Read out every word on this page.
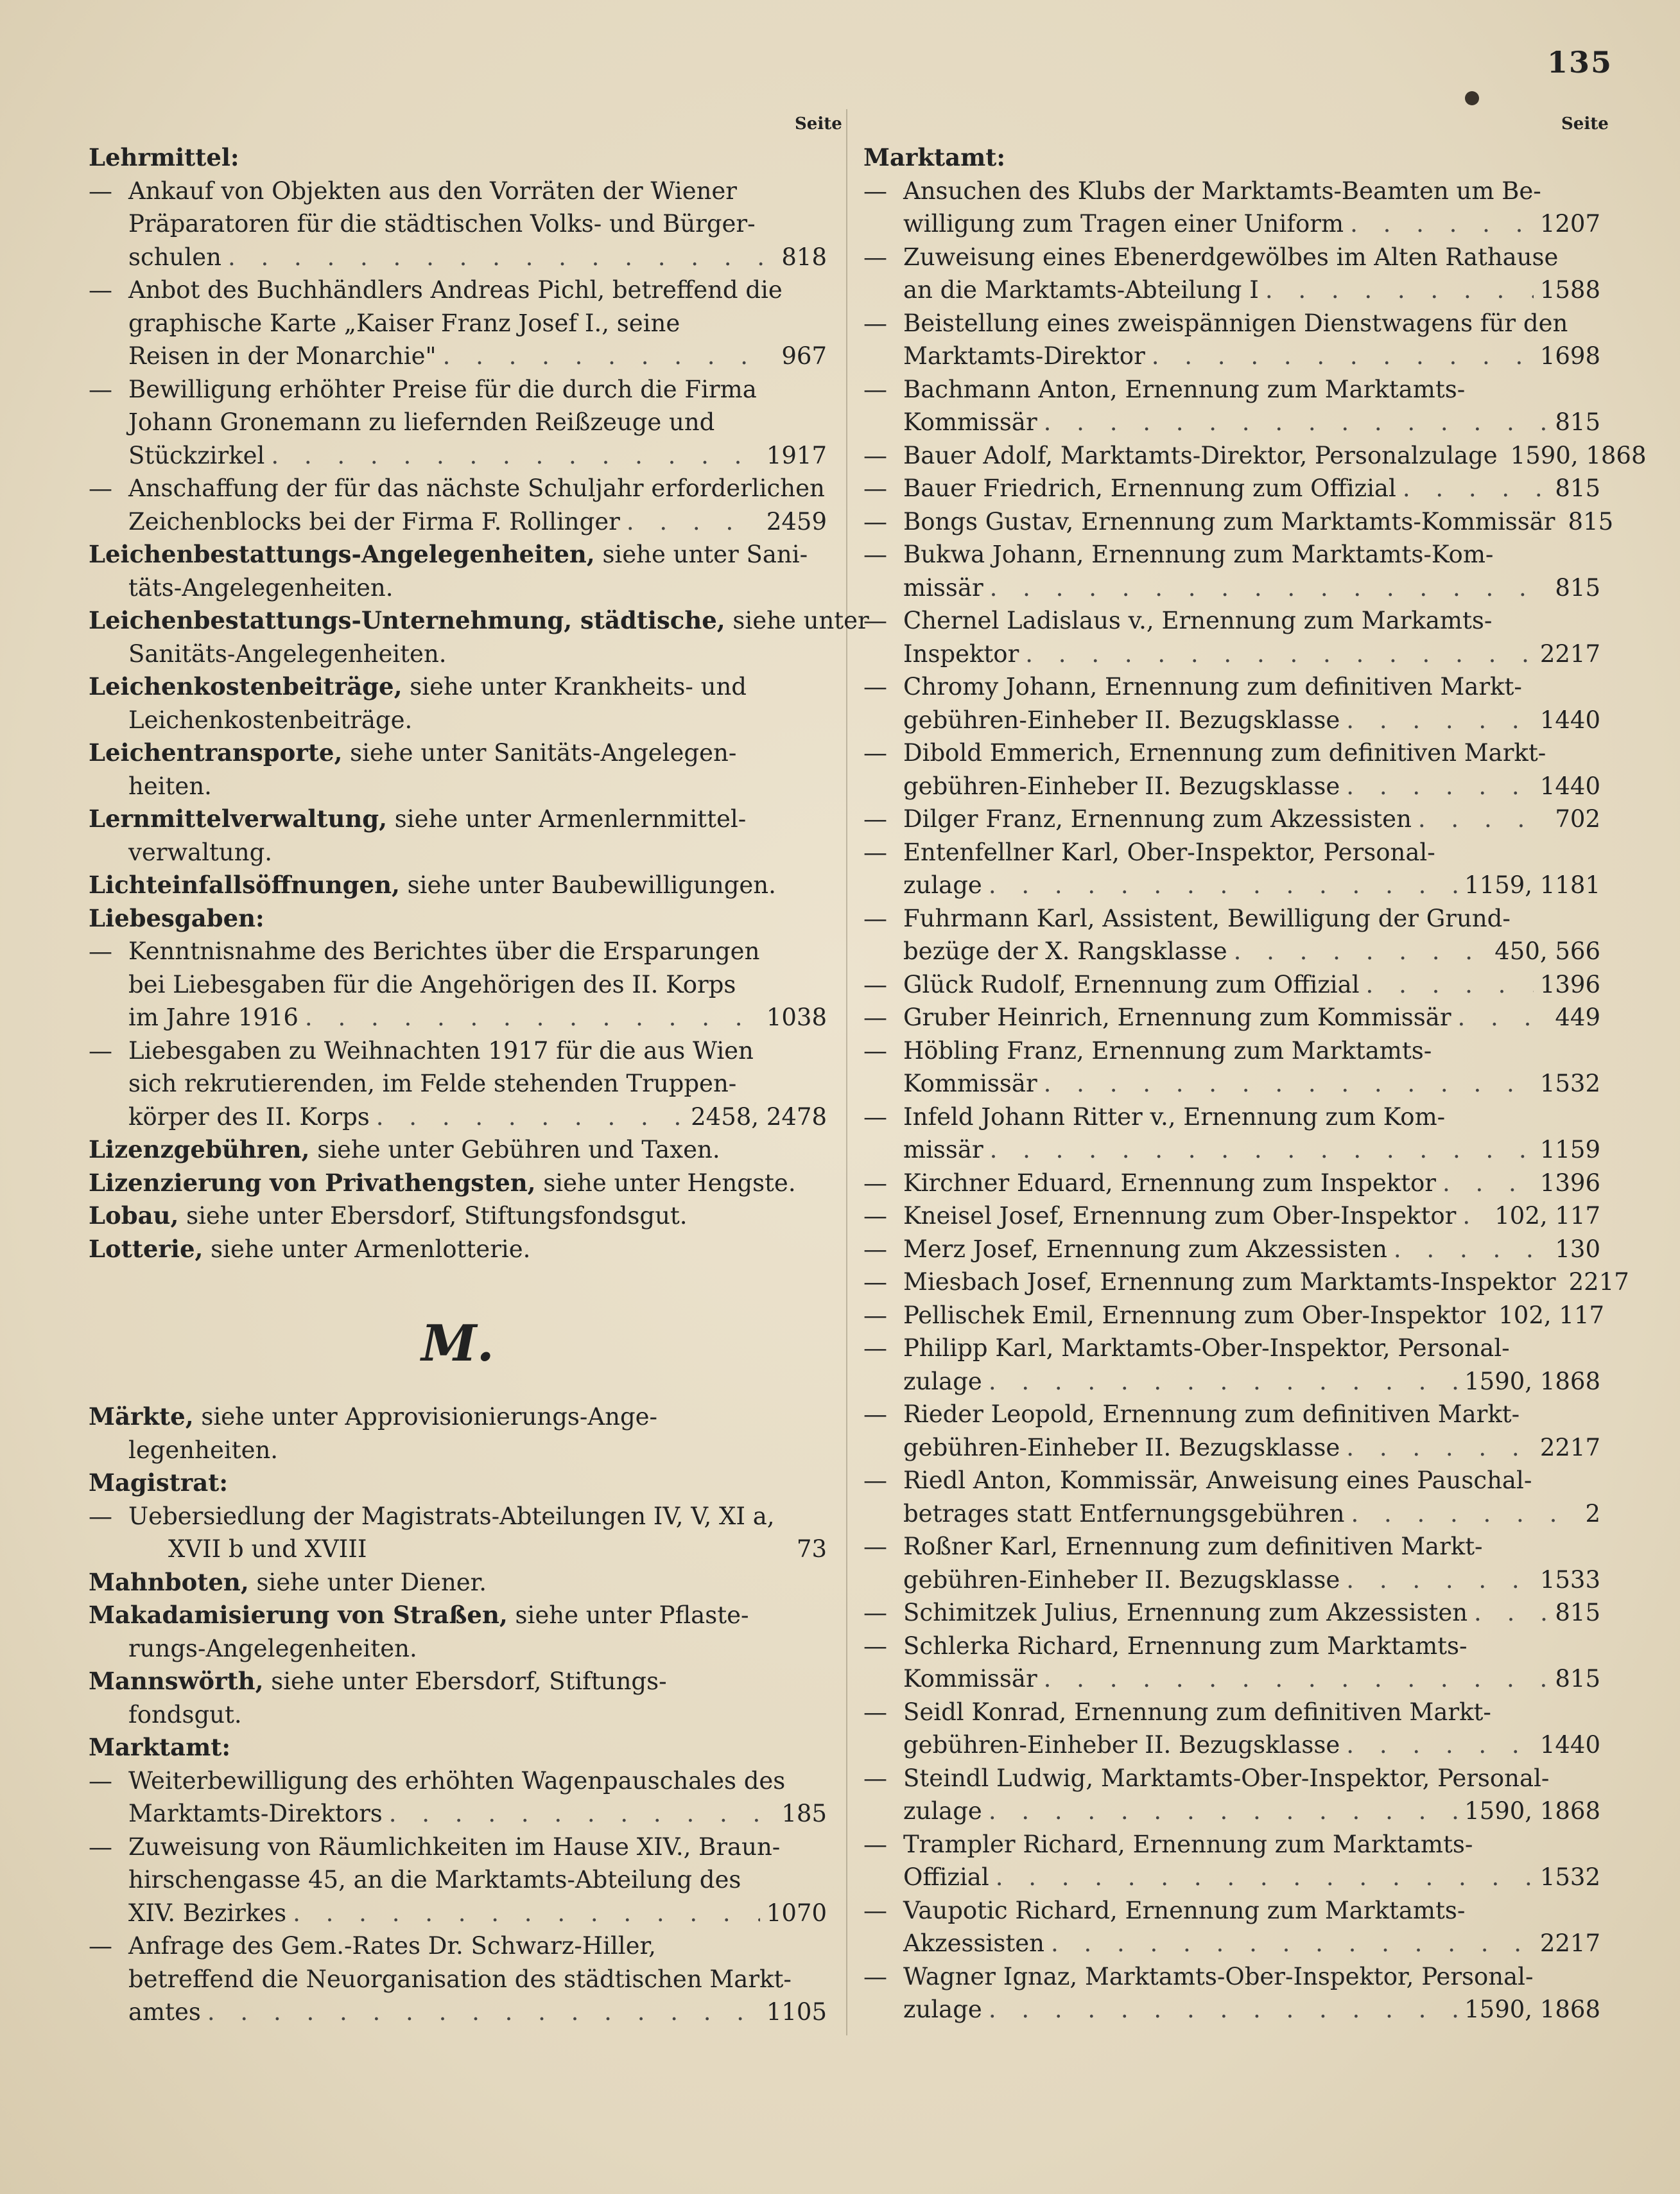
135
Seite	Seite
Lehrmittel:
— Ankauf von Objekten aus den Vorräten der Wiener
Präparatoren für die städtischen Volks- und Bürger-
schulen . . .	818
— Anbot des Buchhändlers Andreas Pichl, betreffend die
graphische Karte „Kaiser Franz Josef I., seine
Reisen in der Monarchie" . . .	967
— Bewilligung erhöhter Preise für die durch die Firma
Johann Gronemann zu liefernden Reißzeuge und
Stückzirkel . . .	1917
— Anschaffung der für das nächste Schuljahr erforderlichen
Zeichenblocks bei der Firma F. Rollinger . . .	2459
Leichenbestattungs-Angelegenheiten, siehe unter Sani-
täts-Angelegenheiten.
Leichenbestattungs-Unternehmung, städtische, siehe unter
Sanitäts-Angelegenheiten.
Leichenkostenbeiträge, siehe unter Krankheits- und
Leichenkostenbeiträge.
Leichentransporte, siehe unter Sanitäts-Angelegen-
heiten.
Lernmittelverwaltung, siehe unter Armenlernmittel-
verwaltung.
Lichteinfallsöffnungen, siehe unter Baubewilligungen.
Liebesgaben:
— Kenntnisnahme des Berichtes über die Ersparungen
bei Liebesgaben für die Angehörigen des II. Korps
im Jahre 1916 . . .	1038
— Liebesgaben zu Weihnachten 1917 für die aus Wien
sich rekrutierenden, im Felde stehenden Truppen-
körper des II. Korps . . .	2458, 2478
Lizenzgebühren, siehe unter Gebühren und Taxen.
Lizenzierung von Privathengsten, siehe unter Hengste.
Lobau, siehe unter Ebersdorf, Stiftungsfondsgut.
Lotterie, siehe unter Armenlotterie.
M.
Märkte, siehe unter Approvisionierungs-Ange-
legenheiten.
Magistrat:
— Uebersiedlung der Magistrats-Abteilungen IV, V, XI a,
XVII b und XVIII	73
Mahnboten, siehe unter Diener.
Makadamisierung von Straßen, siehe unter Pflaste-
rungs-Angelegenheiten.
Mannswörth, siehe unter Ebersdorf, Stiftungs-
fondsgut.
Marktamt:
— Weiterbewilligung des erhöhten Wagenpauschales des
Marktamts-Direktors . . .	185
— Zuweisung von Räumlichkeiten im Hause XIV., Braun-
hirschengasse 45, an die Marktamts-Abteilung des
XIV. Bezirkes . . .	1070
— Anfrage des Gem.-Rates Dr. Schwarz-Hiller,
betreffend die Neuorganisation des städtischen Markt-
amtes . . .	1105
Marktamt:
— Ansuchen des Klubs der Marktamts-Beamten um Be-
willigung zum Tragen einer Uniform . . .	1207
— Zuweisung eines Ebenerdgewölbes im Alten Rathause
an die Marktamts-Abteilung I . . .	1588
— Beistellung eines zweispännigen Dienstwagens für den
Marktamts-Direktor . . .	1698
— Bachmann Anton, Ernennung zum Marktamts-
Kommissär . . .	815
— Bauer Adolf, Marktamts-Direktor, Personalzulage 1590, 1868
— Bauer Friedrich, Ernennung zum Offizial . . .	815
— Bongs Gustav, Ernennung zum Marktamts-Kommissär 815
— Bukwa Johann, Ernennung zum Marktamts-Kom-
missär . . .	815
— Chernel Ladislaus v., Ernennung zum Markamts-
Inspektor . . .	2217
— Chromy Johann, Ernennung zum definitiven Markt-
gebühren-Einheber II. Bezugsklasse . . .	1440
— Dibold Emmerich, Ernennung zum definitiven Markt-
gebühren-Einheber II. Bezugsklasse . . .	1440
— Dilger Franz, Ernennung zum Akzessisten . . .	702
— Entenfellner Karl, Ober-Inspektor, Personal-
zulage . . .	1159, 1181
— Fuhrmann Karl, Assistent, Bewilligung der Grund-
bezüge der X. Rangsklasse . . .	450, 566
— Glück Rudolf, Ernennung zum Offizial . . .	1396
— Gruber Heinrich, Ernennung zum Kommissär . . .	449
— Höbling Franz, Ernennung zum Marktamts-
Kommissär . . .	1532
— Infeld Johann Ritter v., Ernennung zum Kom-
missär . . .	1159
— Kirchner Eduard, Ernennung zum Inspektor . . .	1396
— Kneisel Josef, Ernennung zum Ober-Inspektor . . . 102, 117
— Merz Josef, Ernennung zum Akzessisten . . .	130
— Miesbach Josef, Ernennung zum Marktamts-Inspektor 2217
— Pellischek Emil, Ernennung zum Ober-Inspektor 102, 117
— Philipp Karl, Marktamts-Ober-Inspektor, Personal-
zulage . . .	1590, 1868
— Rieder Leopold, Ernennung zum definitiven Markt-
gebühren-Einheber II. Bezugsklasse . . .	2217
— Riedl Anton, Kommissär, Anweisung eines Pauschal-
betrages statt Entfernungsgebühren . . .	2
— Roßner Karl, Ernennung zum definitiven Markt-
gebühren-Einheber II. Bezugsklasse . . .	1533
— Schimitzek Julius, Ernennung zum Akzessisten . . .	815
— Schlerka Richard, Ernennung zum Marktamts-
Kommissär . . .	815
— Seidl Konrad, Ernennung zum definitiven Markt-
gebühren-Einheber II. Bezugsklasse . . .	1440
— Steindl Ludwig, Marktamts-Ober-Inspektor, Personal-
zulage . . .	1590, 1868
— Trampler Richard, Ernennung zum Marktamts-
Offizial . . .	1532
— Vaupotic Richard, Ernennung zum Marktamts-
Akzessisten . . .	2217
— Wagner Ignaz, Marktamts-Ober-Inspektor, Personal-
zulage . . .	1590, 1868
